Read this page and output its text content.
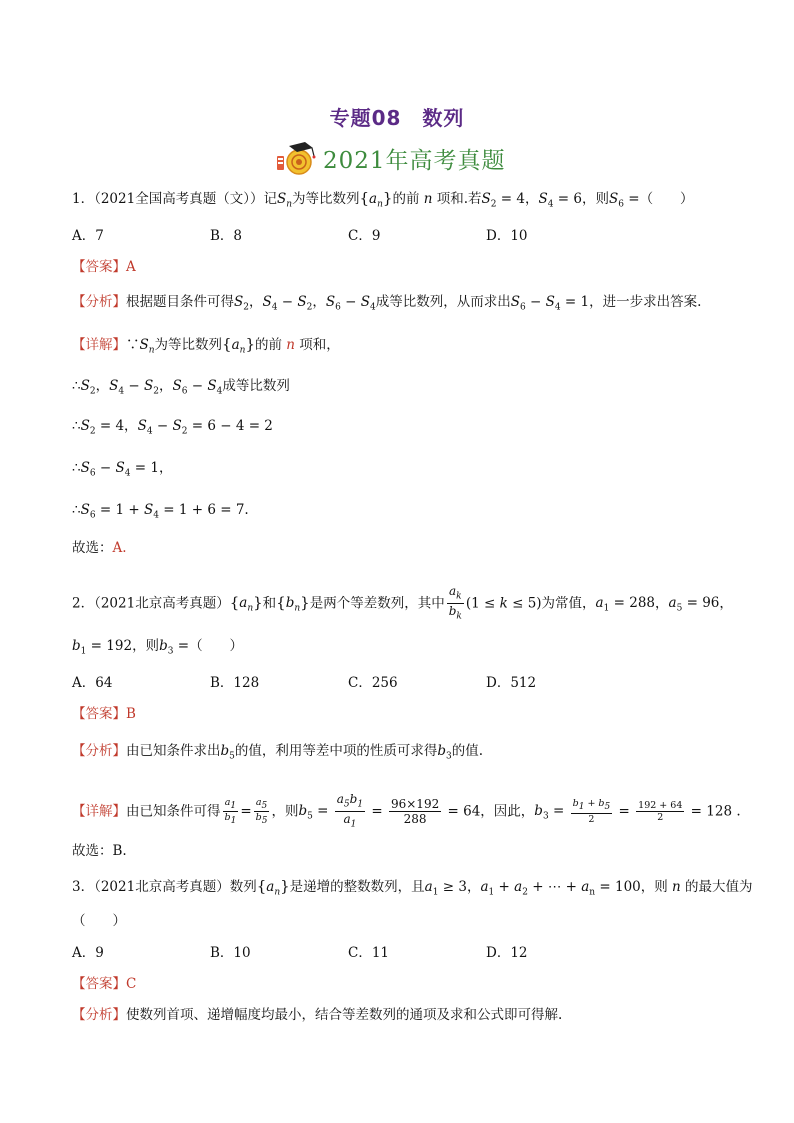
专题08　数列
2021年高考真题
1．（2021全国高考真题（文））记$S_n$为等比数列$\{a_n\}$的前 n 项和.若$S_2 = 4$，$S_4 = 6$，则$S_6$ =（　　）
A．7	B．8	C．9	D．10
【答案】A
【分析】根据题目条件可得$S_2$，$S_4 - S_2$，$S_6 - S_4$成等比数列，从而求出$S_6 - S_4 = 1$，进一步求出答案.
【详解】$\because S_n$为等比数列$\{a_n\}$的前 n 项和，
$\therefore S_2$，$S_4 - S_2$，$S_6 - S_4$成等比数列
$\therefore S_2 = 4$，$S_4 - S_2 = 6 - 4 = 2$
$\therefore S_6 - S_4 = 1$，
$\therefore S_6 = 1 + S_4 = 1 + 6 = 7$.
故选：A.
2．（2021北京高考真题）$\{a_n\}$和$\{b_n\}$是两个等差数列，其中 $\frac{a_k}{b_k} (1 \le k \le 5)$为常值，$a_1 = 288$，$a_5 = 96$，
$b_1 = 192$，则$b_3$ =（　　）
A．64	B．128	C．256	D．512
【答案】B
【分析】由已知条件求出$b_5$的值，利用等差中项的性质可求得$b_3$的值.
【详解】由已知条件可得 $\frac{a_1}{b_1} = \frac{a_5}{b_5}$ ，则$b_5 = \frac{a_5b_1}{a_1} = \frac{96\times 192}{288} = 64$，因此，$b_3 = \frac{b_1 + b_5}{2} = \frac{192 + 64}{2} = 128$ .
故选：B.
3．（2021北京高考真题）数列$\{a_n\}$是递增的整数数列，且$a_1 \ge 3$，$a_1 + a_2$ + ⋯ + $a_n = 100$，则 n 的最大值为
（　　）
A．9	B．10	C．11	D．12
【答案】C
【分析】使数列首项、递增幅度均最小，结合等差数列的通项及求和公式即可得解.
